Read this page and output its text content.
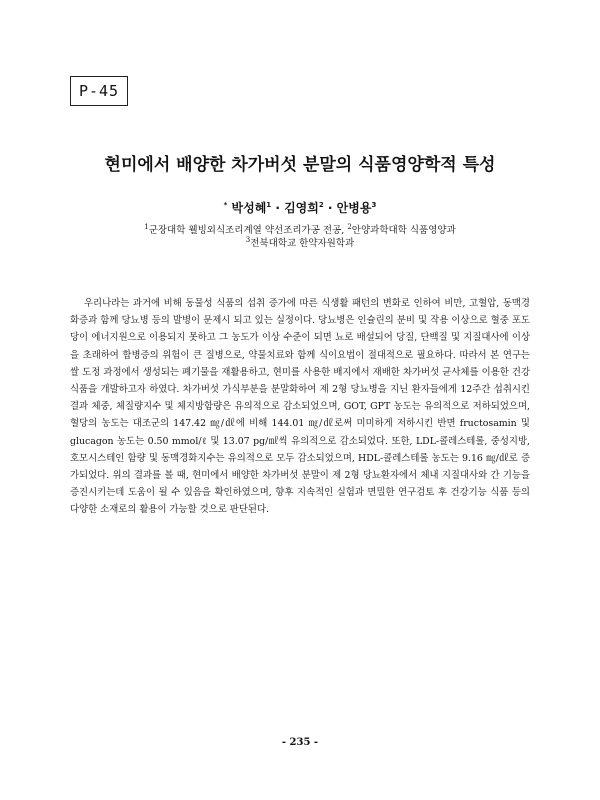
P-45
현미에서 배양한 차가버섯 분말의 식품영양학적 특성
* 박성혜$^1$ · 김영희$^2$ · 안병용$^3$
$^1$군장대학 웰빙외식조리계열 약선조리가공 전공, $^2$안양과학대학 식품영양과
$^3$전북대학교 한약자원학과

우리나라는 과거에 비해 동물성 식품의 섭취 증가에 따른 식생활 패턴의 변화로 인하여 비만, 고혈압, 동맥경화증과 함께 당뇨병 등의 발병이 문제시 되고 있는 실정이다. 당뇨병은 인슐린의 분비 및 작용 이상으로 혈중 포도당이 에너지원으로 이용되지 못하고 그 농도가 이상 수준이 되면 뇨로 배설되어 당질, 단백질 및 지질대사에 이상을 초래하여 합병증의 위험이 큰 질병으로, 약물치료와 함께 식이요법이 절대적으로 필요하다. 따라서 본 연구는 쌀 도정 과정에서 생성되는 폐기물을 재활용하고, 현미를 사용한 배지에서 재배한 차가버섯 균사체를 이용한 건강식품을 개발하고자 하였다. 차가버섯 가식부분을 분말화하여 제 2형 당뇨병을 지닌 환자들에게 12주간 섭취시킨 결과 체중, 체질량지수 및 체지방함량은 유의적으로 감소되었으며, GOT, GPT 농도는 유의적으로 저하되었으며, 혈당의 농도는 대조군의 147.42 ㎎/㎗에 비해 144.01 ㎎/㎗로써 미미하게 저하시킨 반면 fructosamin 및 glucagon 농도는 0.50 mmol/ℓ 및 13.07 pg/㎖씩 유의적으로 감소되었다. 또한, LDL-콜레스테롤, 중성지방, 호모시스테인 함량 및 동맥경화지수는 유의적으로 모두 감소되었으며, HDL-콜레스테롤 농도는 9.16 ㎎/㎗로 증가되었다. 위의 결과를 볼 때, 현미에서 배양한 차가버섯 분말이 제 2형 당뇨환자에서 체내 지질대사와 간 기능을 증진시키는데 도움이 될 수 있음을 확인하였으며, 향후 지속적인 실험과 면밀한 연구검토 후 건강기능 식품 등의 다양한 소재로의 활용이 가능할 것으로 판단된다.

- 235 -
